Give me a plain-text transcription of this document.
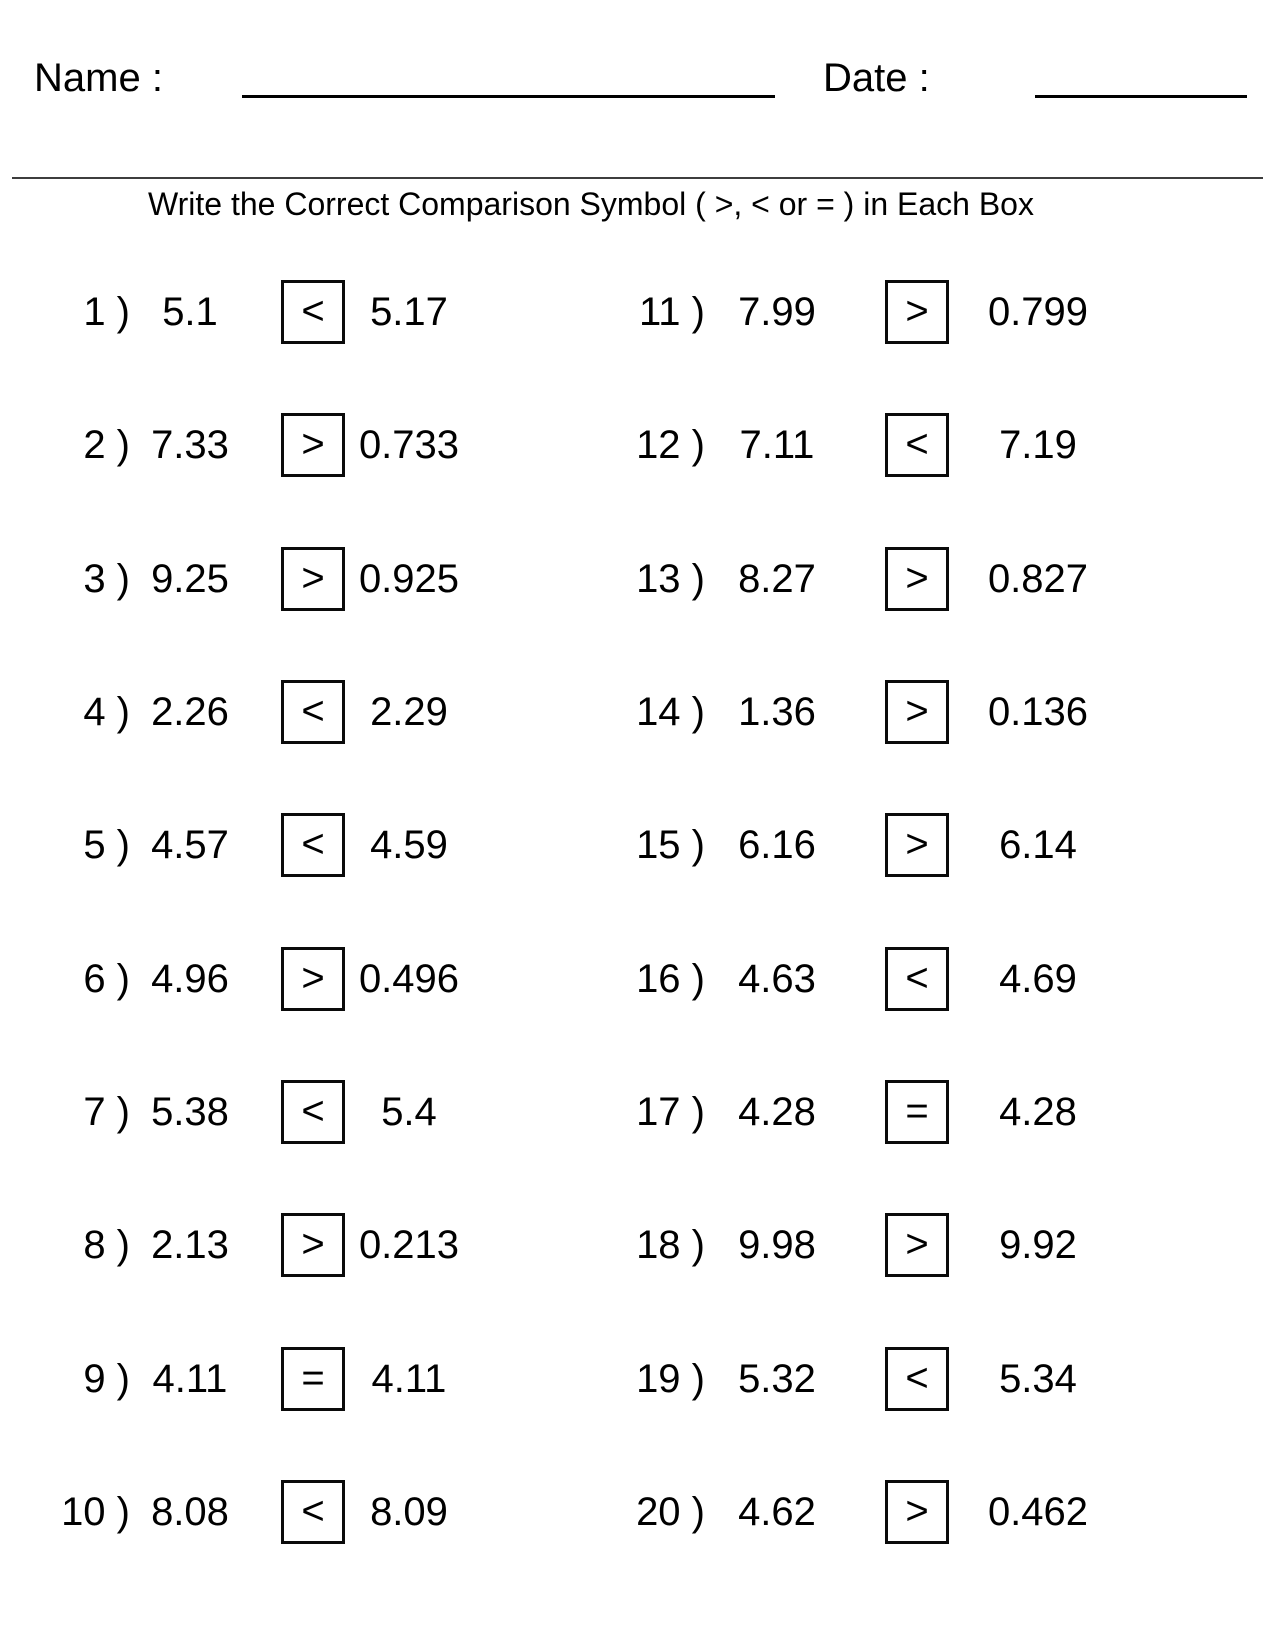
Name :	Date :
Write the Correct Comparison Symbol ( >, < or = ) in Each Box
1 ) 5.1	<	5.17
2 ) 7.33	> 0.733
3 ) 9.25	> 0.925
4 ) 2.26	<	2.29
5 ) 4.57	<	4.59
6 ) 4.96	> 0.496
7 ) 5.38	<	5.4
8 ) 2.13	> 0.213
9 ) 4.11	=	4.11
10 ) 8.08	<	8.09
11 ) 7.99	>	0.799
12 ) 7.11	<	7.19
13 ) 8.27	>	0.827
14 ) 1.36	>	0.136
15 ) 6.16	>	6.14
16 ) 4.63	<	4.69
17 ) 4.28	=	4.28
18 ) 9.98	>	9.92
19 ) 5.32	<	5.34
20 ) 4.62	>	0.462
